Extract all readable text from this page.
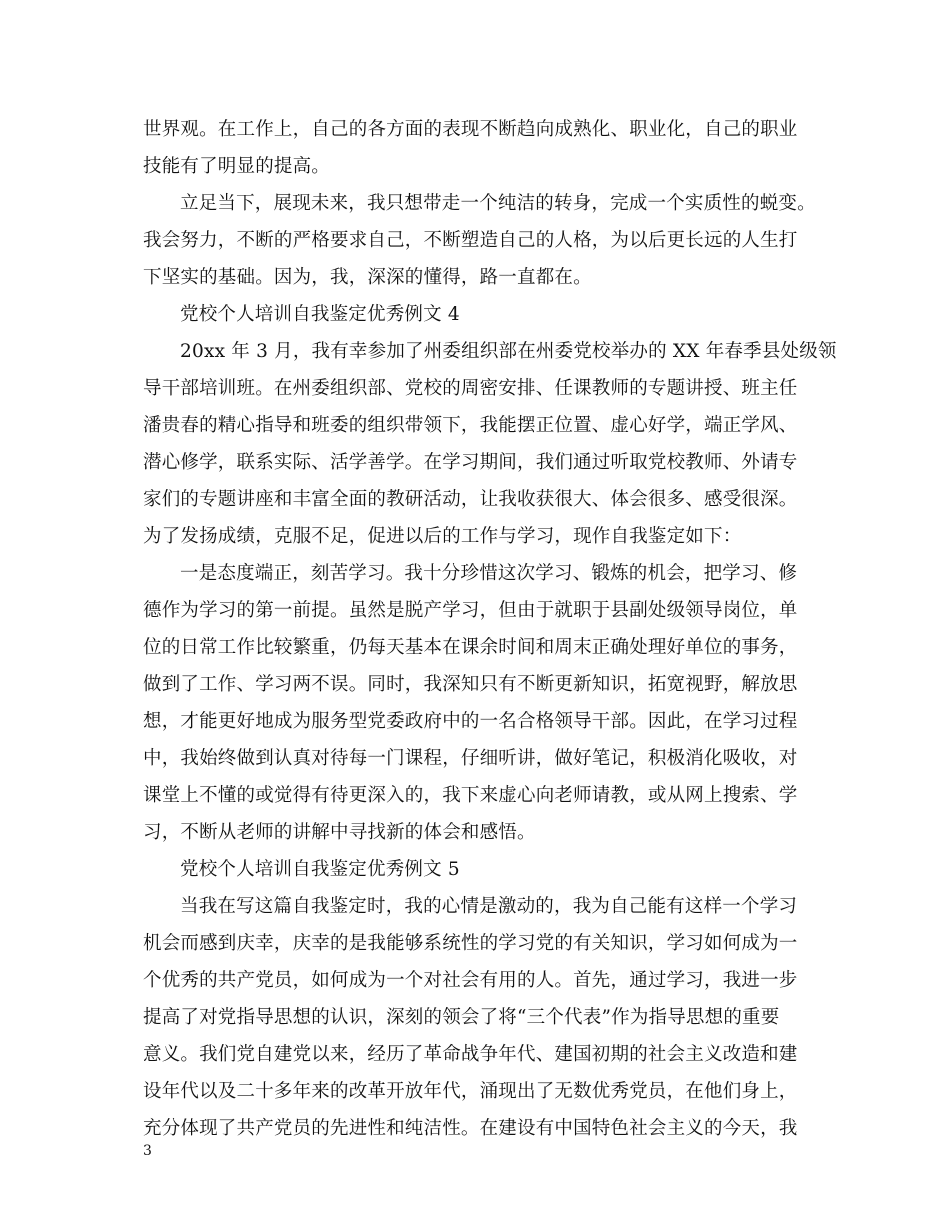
世界观。在工作上，自己的各方面的表现不断趋向成熟化、职业化，自己的职业
技能有了明显的提高。
立足当下，展现未来，我只想带走一个纯洁的转身，完成一个实质性的蜕变。
我会努力，不断的严格要求自己，不断塑造自己的人格，为以后更长远的人生打
下坚实的基础。因为，我，深深的懂得，路一直都在。
党校个人培训自我鉴定优秀例文 4
20xx 年 3 月，我有幸参加了州委组织部在州委党校举办的 XX 年春季县处级领
导干部培训班。在州委组织部、党校的周密安排、任课教师的专题讲授、班主任
潘贵春的精心指导和班委的组织带领下，我能摆正位置、虚心好学，端正学风、
潜心修学，联系实际、活学善学。在学习期间，我们通过听取党校教师、外请专
家们的专题讲座和丰富全面的教研活动，让我收获很大、体会很多、感受很深。
为了发扬成绩，克服不足，促进以后的工作与学习，现作自我鉴定如下：
一是态度端正，刻苦学习。我十分珍惜这次学习、锻炼的机会，把学习、修
德作为学习的第一前提。虽然是脱产学习，但由于就职于县副处级领导岗位，单
位的日常工作比较繁重，仍每天基本在课余时间和周末正确处理好单位的事务，
做到了工作、学习两不误。同时，我深知只有不断更新知识，拓宽视野，解放思
想，才能更好地成为服务型党委政府中的一名合格领导干部。因此，在学习过程
中，我始终做到认真对待每一门课程，仔细听讲，做好笔记，积极消化吸收，对
课堂上不懂的或觉得有待更深入的，我下来虚心向老师请教，或从网上搜索、学
习，不断从老师的讲解中寻找新的体会和感悟。
党校个人培训自我鉴定优秀例文 5
当我在写这篇自我鉴定时，我的心情是激动的，我为自己能有这样一个学习
机会而感到庆幸，庆幸的是我能够系统性的学习党的有关知识，学习如何成为一
个优秀的共产党员，如何成为一个对社会有用的人。首先，通过学习，我进一步
提高了对党指导思想的认识，深刻的领会了将“三个代表”作为指导思想的重要
意义。我们党自建党以来，经历了革命战争年代、建国初期的社会主义改造和建
设年代以及二十多年来的改革开放年代，涌现出了无数优秀党员，在他们身上，
充分体现了共产党员的先进性和纯洁性。在建设有中国特色社会主义的今天，我
3
